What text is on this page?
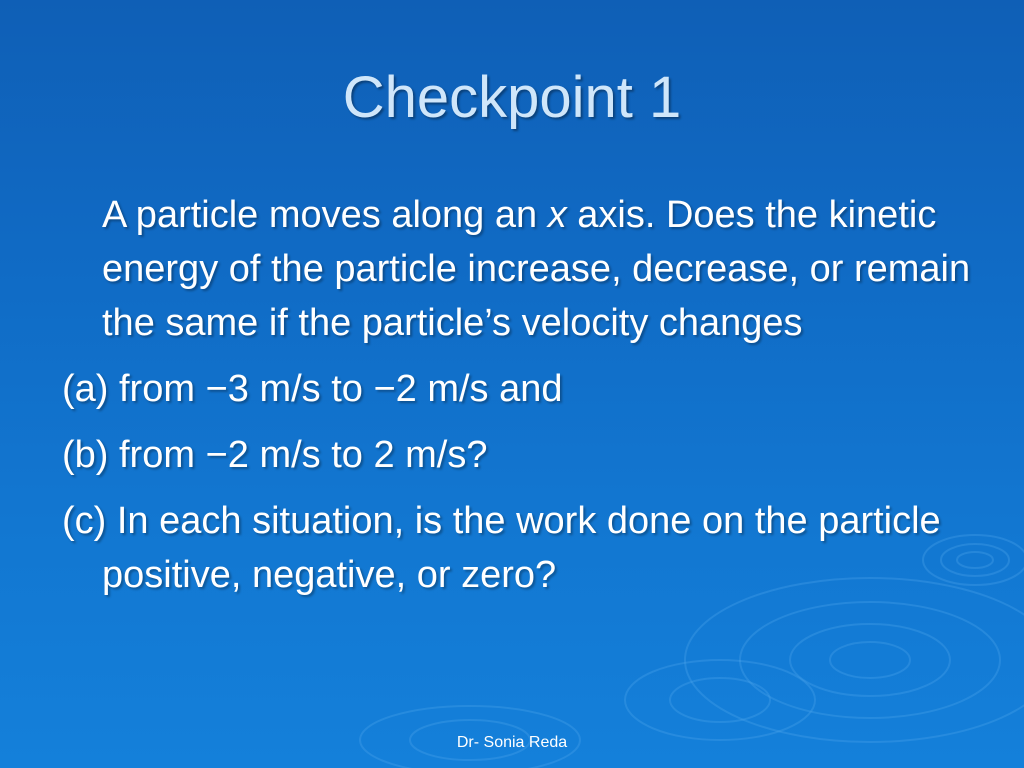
Checkpoint 1

A particle moves along an x axis. Does the kinetic energy of the particle increase, decrease, or remain the same if the particle’s velocity changes

(a) from −3 m/s to −2 m/s and

(b) from −2 m/s to 2 m/s?

(c) In each situation, is the work done on the particle positive, negative, or zero?

Dr- Sonia Reda
